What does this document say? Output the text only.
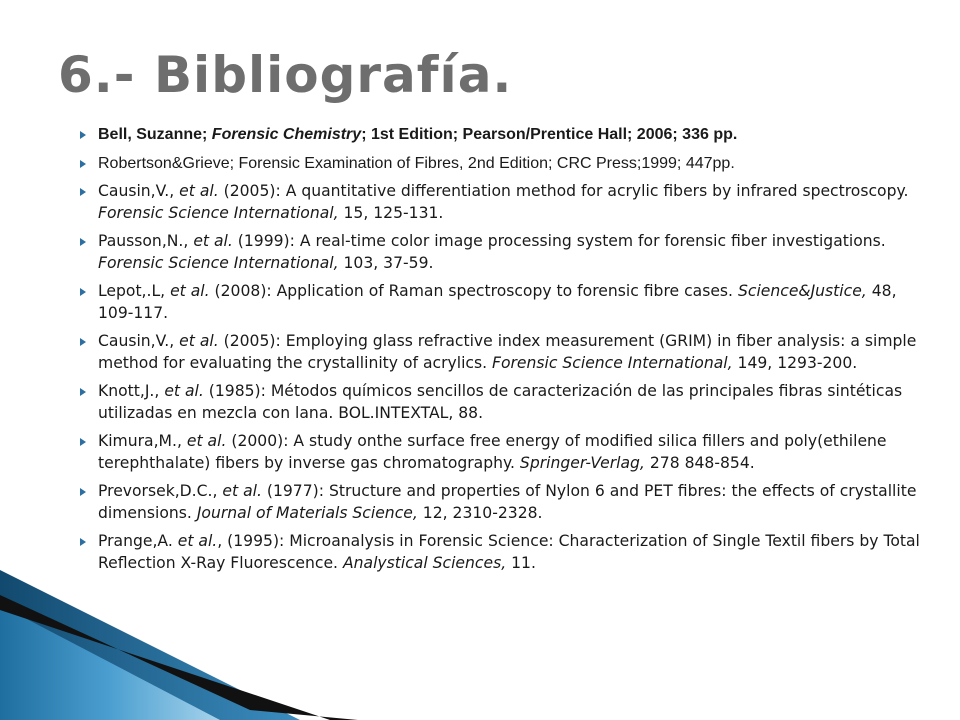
6.- Bibliografía.
Bell, Suzanne; Forensic Chemistry; 1st Edition; Pearson/Prentice Hall; 2006; 336 pp.
Robertson&Grieve; Forensic Examination of Fibres, 2nd Edition; CRC Press;1999; 447pp.
Causin,V., et al. (2005): A quantitative differentiation method for acrylic fibers by infrared spectroscopy. Forensic Science International, 15, 125-131.
Pausson,N., et al. (1999): A real-time color image processing system for forensic fiber investigations. Forensic Science International, 103, 37-59.
Lepot,.L, et al. (2008): Application of Raman spectroscopy to forensic fibre cases. Science&Justice, 48, 109-117.
Causin,V., et al. (2005): Employing glass refractive index measurement (GRIM) in fiber analysis: a simple method for evaluating the crystallinity of acrylics. Forensic Science International, 149, 1293-200.
Knott,J., et al. (1985): Métodos químicos sencillos de caracterización de las principales fibras sintéticas utilizadas en mezcla con lana. BOL.INTEXTAL, 88.
Kimura,M., et al. (2000): A study onthe surface free energy of modified silica fillers and poly(ethilene terephthalate) fibers by inverse gas chromatography. Springer-Verlag, 278 848-854.
Prevorsek,D.C., et al. (1977): Structure and properties of Nylon 6 and PET fibres: the effects of crystallite dimensions. Journal of Materials Science, 12, 2310-2328.
Prange,A. et al., (1995): Microanalysis in Forensic Science: Characterization of Single Textil fibers by Total Reflection X-Ray Fluorescence. Analystical Sciences, 11.
